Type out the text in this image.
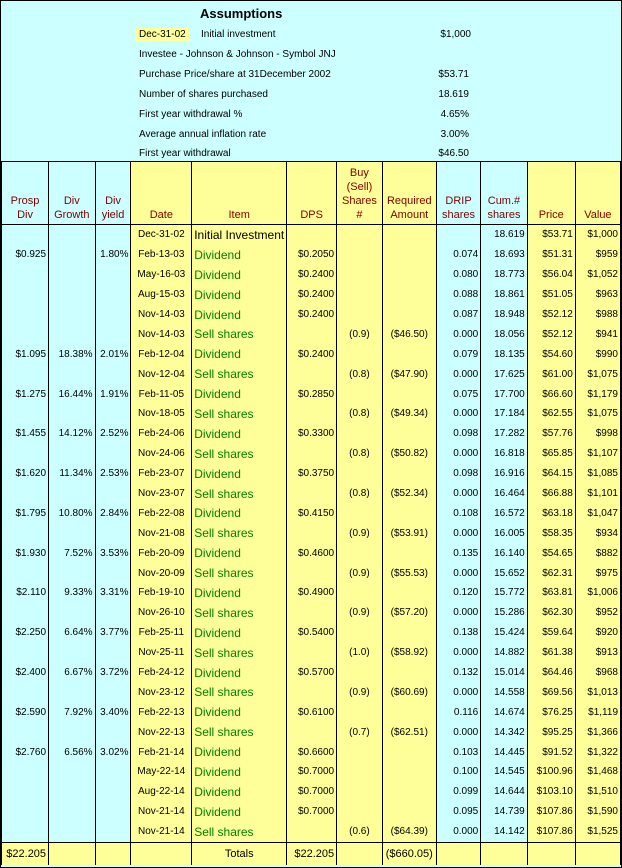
Assumptions
Dec-31-02	Initial investment	$1,000
Investee - Johnson & Johnson - Symbol JNJ
Purchase Price/share at 31December 2002	$53.71
Number of shares purchased	18.619
First year withdrawal %	4.65%
Average annual inflation rate	3.00%
First year withdrawal	$46.50
Prosp Div	Div Growth	Div yield	Date	Item	DPS	Buy (Sell) Shares #	Required Amount	DRIP shares	Cum.# shares	Price	Value
			Dec-31-02	Initial Investment					18.619	$53.71	$1,000
$0.925		1.80%	Feb-13-03	Dividend	$0.2050			0.074	18.693	$51.31	$959
			May-16-03	Dividend	$0.2400			0.080	18.773	$56.04	$1,052
			Aug-15-03	Dividend	$0.2400			0.088	18.861	$51.05	$963
			Nov-14-03	Dividend	$0.2400			0.087	18.948	$52.12	$988
			Nov-14-03	Sell shares		(0.9)	($46.50)	0.000	18.056	$52.12	$941
$1.095	18.38%	2.01%	Feb-12-04	Dividend	$0.2400			0.079	18.135	$54.60	$990
			Nov-12-04	Sell shares		(0.8)	($47.90)	0.000	17.625	$61.00	$1,075
$1.275	16.44%	1.91%	Feb-11-05	Dividend	$0.2850			0.075	17.700	$66.60	$1,179
			Nov-18-05	Sell shares		(0.8)	($49.34)	0.000	17.184	$62.55	$1,075
$1.455	14.12%	2.52%	Feb-24-06	Dividend	$0.3300			0.098	17.282	$57.76	$998
			Nov-24-06	Sell shares		(0.8)	($50.82)	0.000	16.818	$65.85	$1,107
$1.620	11.34%	2.53%	Feb-23-07	Dividend	$0.3750			0.098	16.916	$64.15	$1,085
			Nov-23-07	Sell shares		(0.8)	($52.34)	0.000	16.464	$66.88	$1,101
$1.795	10.80%	2.84%	Feb-22-08	Dividend	$0.4150			0.108	16.572	$63.18	$1,047
			Nov-21-08	Sell shares		(0.9)	($53.91)	0.000	16.005	$58.35	$934
$1.930	7.52%	3.53%	Feb-20-09	Dividend	$0.4600			0.135	16.140	$54.65	$882
			Nov-20-09	Sell shares		(0.9)	($55.53)	0.000	15.652	$62.31	$975
$2.110	9.33%	3.31%	Feb-19-10	Dividend	$0.4900			0.120	15.772	$63.81	$1,006
			Nov-26-10	Sell shares		(0.9)	($57.20)	0.000	15.286	$62.30	$952
$2.250	6.64%	3.77%	Feb-25-11	Dividend	$0.5400			0.138	15.424	$59.64	$920
			Nov-25-11	Sell shares		(1.0)	($58.92)	0.000	14.882	$61.38	$913
$2.400	6.67%	3.72%	Feb-24-12	Dividend	$0.5700			0.132	15.014	$64.46	$968
			Nov-23-12	Sell shares		(0.9)	($60.69)	0.000	14.558	$69.56	$1,013
$2.590	7.92%	3.40%	Feb-22-13	Dividend	$0.6100			0.116	14.674	$76.25	$1,119
			Nov-22-13	Sell shares		(0.7)	($62.51)	0.000	14.342	$95.25	$1,366
$2.760	6.56%	3.02%	Feb-21-14	Dividend	$0.6600			0.103	14.445	$91.52	$1,322
			May-22-14	Dividend	$0.7000			0.100	14.545	$100.96	$1,468
			Aug-22-14	Dividend	$0.7000			0.099	14.644	$103.10	$1,510
			Nov-21-14	Dividend	$0.7000			0.095	14.739	$107.86	$1,590
			Nov-21-14	Sell shares		(0.6)	($64.39)	0.000	14.142	$107.86	$1,525
$22.205				Totals	$22.205		($660.05)				
